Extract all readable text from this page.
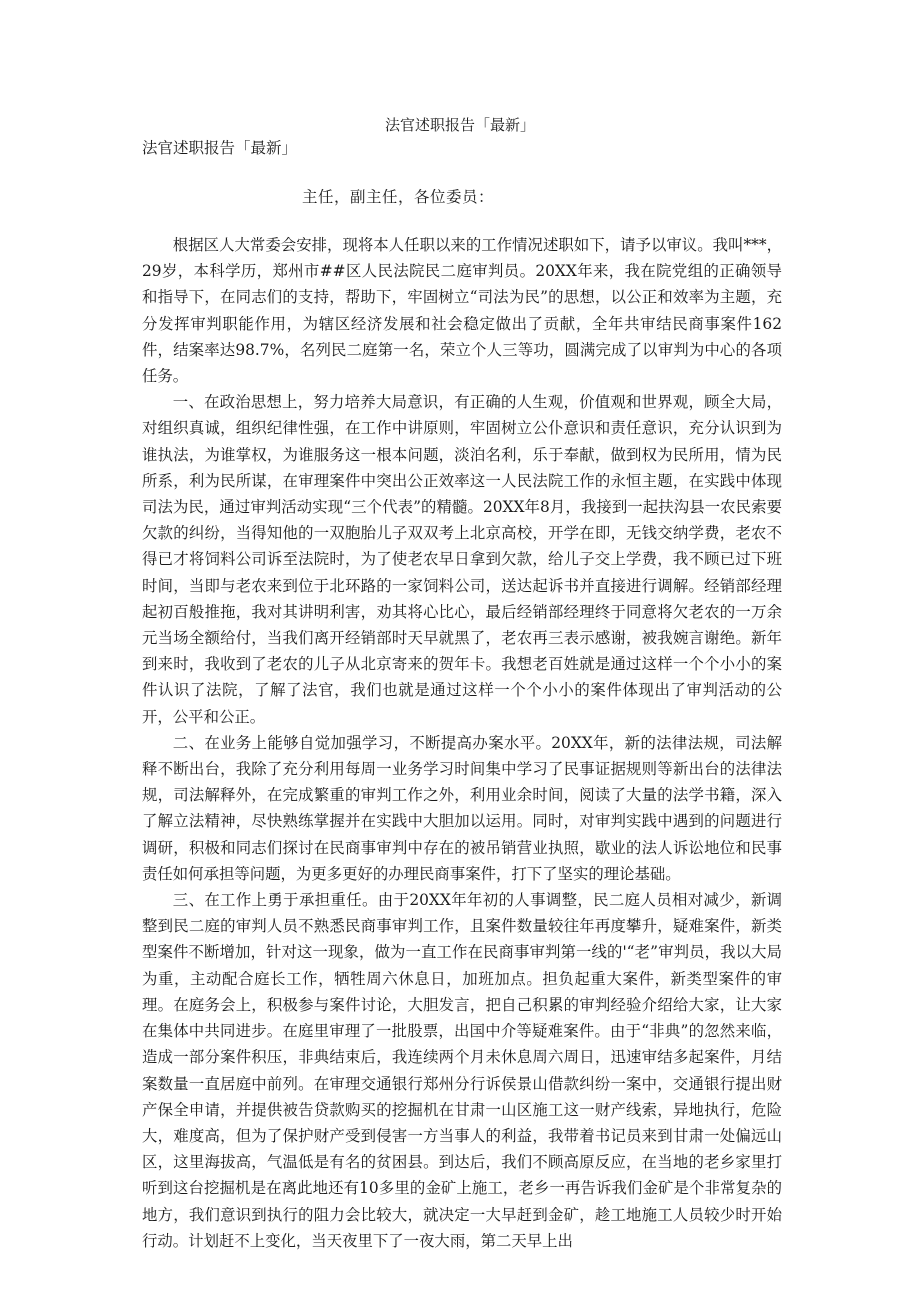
法官述职报告「最新」
法官述职报告「最新」
主任，副主任，各位委员：

根据区人大常委会安排，现将本人任职以来的工作情况述职如下，请予以审议。我叫***，29岁，本科学历，郑州市##区人民法院民二庭审判员。20XX年来，我在院党组的正确领导和指导下，在同志们的支持，帮助下，牢固树立“司法为民”的思想，以公正和效率为主题，充分发挥审判职能作用，为辖区经济发展和社会稳定做出了贡献，全年共审结民商事案件162件，结案率达98.7%，名列民二庭第一名，荣立个人三等功，圆满完成了以审判为中心的各项任务。

一、在政治思想上，努力培养大局意识，有正确的人生观，价值观和世界观，顾全大局，对组织真诚，组织纪律性强，在工作中讲原则，牢固树立公仆意识和责任意识，充分认识到为谁执法，为谁掌权，为谁服务这一根本问题，淡泊名利，乐于奉献，做到权为民所用，情为民所系，利为民所谋，在审理案件中突出公正效率这一人民法院工作的永恒主题，在实践中体现司法为民，通过审判活动实现“三个代表”的精髓。20XX年8月，我接到一起扶沟县一农民索要欠款的纠纷，当得知他的一双胞胎儿子双双考上北京高校，开学在即，无钱交纳学费，老农不得已才将饲料公司诉至法院时，为了使老农早日拿到欠款，给儿子交上学费，我不顾已过下班时间，当即与老农来到位于北环路的一家饲料公司，送达起诉书并直接进行调解。经销部经理起初百般推拖，我对其讲明利害，劝其将心比心，最后经销部经理终于同意将欠老农的一万余元当场全额给付，当我们离开经销部时天早就黑了，老农再三表示感谢，被我婉言谢绝。新年到来时，我收到了老农的儿子从北京寄来的贺年卡。我想老百姓就是通过这样一个个小小的案件认识了法院，了解了法官，我们也就是通过这样一个个小小的案件体现出了审判活动的公开，公平和公正。

二、在业务上能够自觉加强学习，不断提高办案水平。20XX年，新的法律法规，司法解释不断出台，我除了充分利用每周一业务学习时间集中学习了民事证据规则等新出台的法律法规，司法解释外，在完成繁重的审判工作之外，利用业余时间，阅读了大量的法学书籍，深入了解立法精神，尽快熟练掌握并在实践中大胆加以运用。同时，对审判实践中遇到的问题进行调研，积极和同志们探讨在民商事审判中存在的被吊销营业执照，歇业的法人诉讼地位和民事责任如何承担等问题，为更多更好的办理民商事案件，打下了坚实的理论基础。

三、在工作上勇于承担重任。由于20XX年年初的人事调整，民二庭人员相对减少，新调整到民二庭的审判人员不熟悉民商事审判工作，且案件数量较往年再度攀升，疑难案件，新类型案件不断增加，针对这一现象，做为一直工作在民商事审判第一线的'“老”审判员，我以大局为重，主动配合庭长工作，牺牲周六休息日，加班加点。担负起重大案件，新类型案件的审理。在庭务会上，积极参与案件讨论，大胆发言，把自己积累的审判经验介绍给大家，让大家在集体中共同进步。在庭里审理了一批股票，出国中介等疑难案件。由于“非典”的忽然来临，造成一部分案件积压，非典结束后，我连续两个月未休息周六周日，迅速审结多起案件，月结案数量一直居庭中前列。在审理交通银行郑州分行诉侯景山借款纠纷一案中，交通银行提出财产保全申请，并提供被告贷款购买的挖掘机在甘肃一山区施工这一财产线索，异地执行，危险大，难度高，但为了保护财产受到侵害一方当事人的利益，我带着书记员来到甘肃一处偏远山区，这里海拔高，气温低是有名的贫困县。到达后，我们不顾高原反应，在当地的老乡家里打听到这台挖掘机是在离此地还有10多里的金矿上施工，老乡一再告诉我们金矿是个非常复杂的地方，我们意识到执行的阻力会比较大，就决定一大早赶到金矿，趁工地施工人员较少时开始行动。计划赶不上变化，当天夜里下了一夜大雨，第二天早上出
